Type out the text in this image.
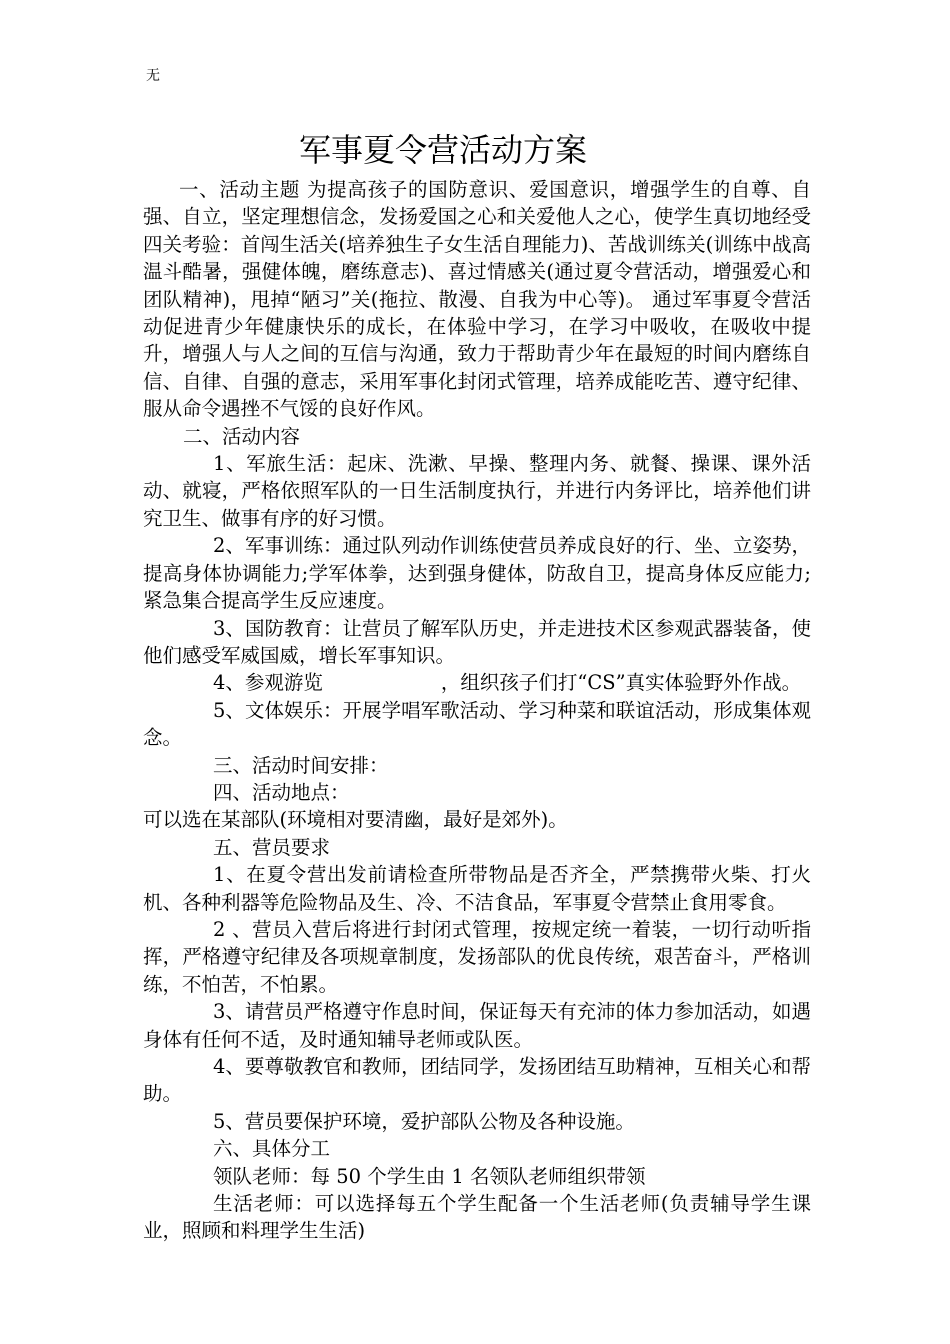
无
军事夏令营活动方案

一、活动主题 为提高孩子的国防意识、爱国意识，增强学生的自尊、自强、自立，坚定理想信念，发扬爱国之心和关爱他人之心，使学生真切地经受四关考验：首闯生活关(培养独生子女生活自理能力)、苦战训练关(训练中战高温斗酷暑，强健体魄，磨练意志)、喜过情感关(通过夏令营活动，增强爱心和团队精神)，甩掉“陋习”关(拖拉、散漫、自我为中心等)。 通过军事夏令营活动促进青少年健康快乐的成长，在体验中学习，在学习中吸收，在吸收中提升，增强人与人之间的互信与沟通，致力于帮助青少年在最短的时间内磨练自信、自律、自强的意志，采用军事化封闭式管理，培养成能吃苦、遵守纪律、服从命令遇挫不气馁的良好作风。

二、活动内容

1、军旅生活：起床、洗漱、早操、整理内务、就餐、操课、课外活动、就寝，严格依照军队的一日生活制度执行，并进行内务评比，培养他们讲究卫生、做事有序的好习惯。

2、军事训练：通过队列动作训练使营员养成良好的行、坐、立姿势，提高身体协调能力;学军体拳，达到强身健体，防敌自卫，提高身体反应能力;紧急集合提高学生反应速度。

3、国防教育：让营员了解军队历史，并走进技术区参观武器装备，使他们感受军威国威，增长军事知识。

4、参观游览	，组织孩子们打“CS”真实体验野外作战。

5、文体娱乐：开展学唱军歌活动、学习种菜和联谊活动，形成集体观念。

三、活动时间安排：

四、活动地点：

可以选在某部队(环境相对要清幽，最好是郊外)。

五、营员要求

1、在夏令营出发前请检查所带物品是否齐全，严禁携带火柴、打火机、各种利器等危险物品及生、冷、不洁食品，军事夏令营禁止食用零食。

2 、营员入营后将进行封闭式管理，按规定统一着装，一切行动听指挥，严格遵守纪律及各项规章制度，发扬部队的优良传统，艰苦奋斗，严格训练，不怕苦，不怕累。

3、请营员严格遵守作息时间，保证每天有充沛的体力参加活动，如遇身体有任何不适，及时通知辅导老师或队医。

4、要尊敬教官和教师，团结同学，发扬团结互助精神，互相关心和帮助。

5、营员要保护环境，爱护部队公物及各种设施。

六、具体分工

领队老师：每 50 个学生由 1 名领队老师组织带领

生活老师：可以选择每五个学生配备一个生活老师(负责辅导学生课业，照顾和料理学生生活)
